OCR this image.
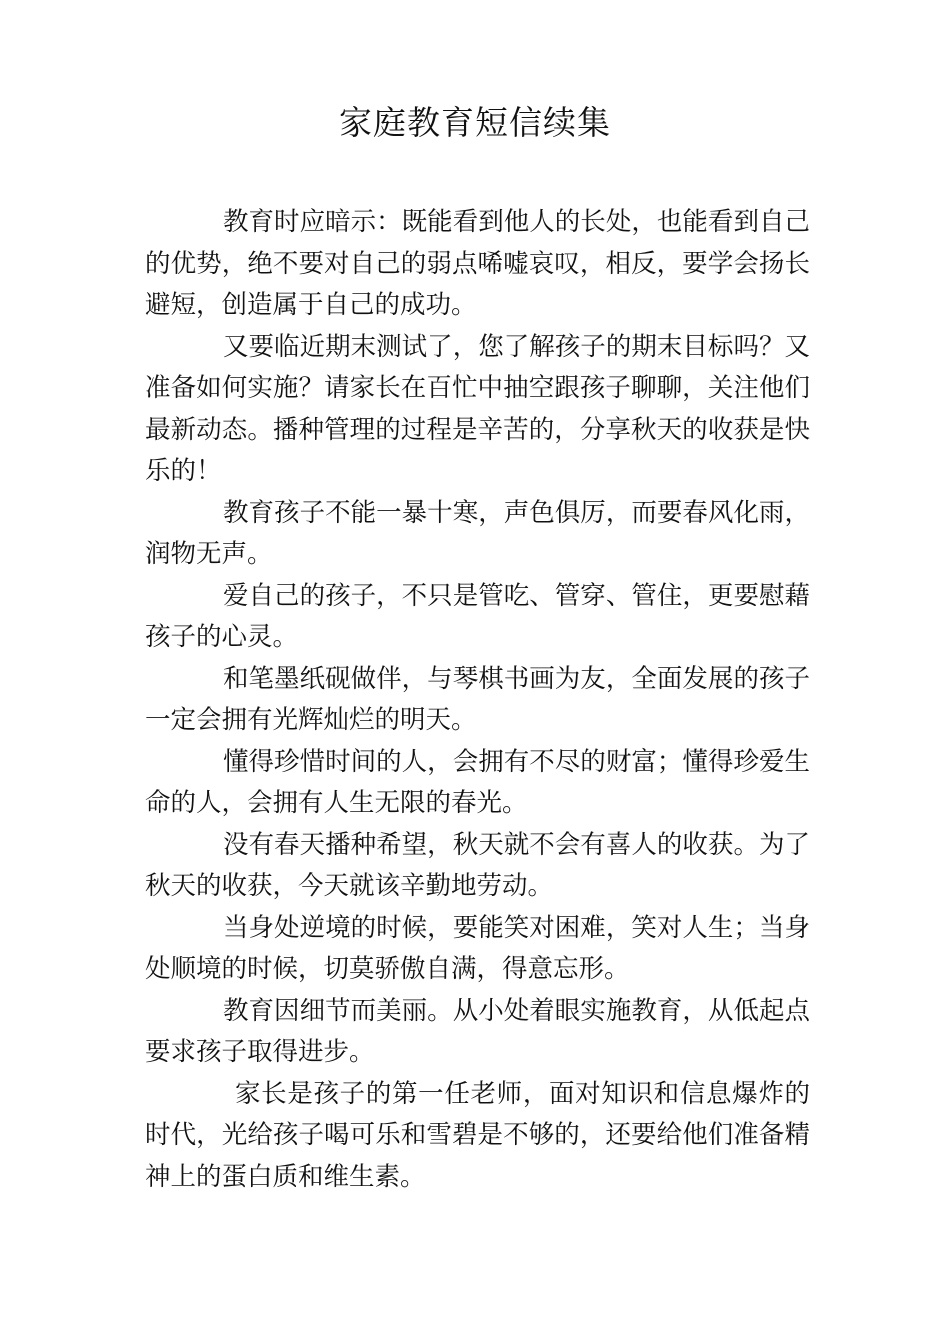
家庭教育短信续集

教育时应暗示：既能看到他人的长处，也能看到自己的优势，绝不要对自己的弱点唏嘘哀叹，相反，要学会扬长避短，创造属于自己的成功。

又要临近期末测试了，您了解孩子的期末目标吗？又准备如何实施？请家长在百忙中抽空跟孩子聊聊，关注他们最新动态。播种管理的过程是辛苦的，分享秋天的收获是快乐的！

教育孩子不能一暴十寒，声色俱厉，而要春风化雨，润物无声。

爱自己的孩子，不只是管吃、管穿、管住，更要慰藉孩子的心灵。

和笔墨纸砚做伴，与琴棋书画为友，全面发展的孩子一定会拥有光辉灿烂的明天。

懂得珍惜时间的人，会拥有不尽的财富；懂得珍爱生命的人，会拥有人生无限的春光。

没有春天播种希望，秋天就不会有喜人的收获。为了秋天的收获，今天就该辛勤地劳动。

当身处逆境的时候，要能笑对困难，笑对人生；当身处顺境的时候，切莫骄傲自满，得意忘形。

教育因细节而美丽。从小处着眼实施教育，从低起点要求孩子取得进步。

家长是孩子的第一任老师，面对知识和信息爆炸的时代，光给孩子喝可乐和雪碧是不够的，还要给他们准备精神上的蛋白质和维生素。
